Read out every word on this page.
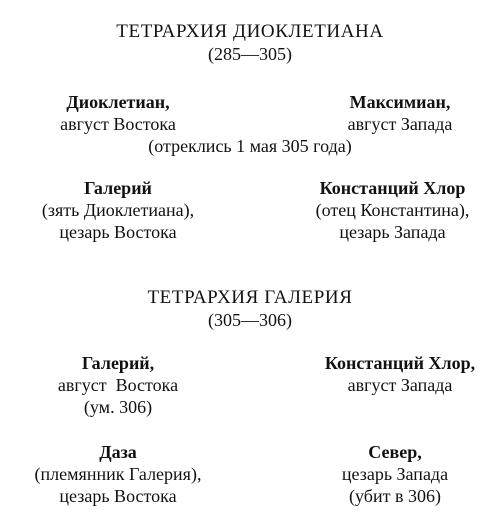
ТЕТРАРХИЯ ДИОКЛЕТИАНА
(285—305)
Диоклетиан,
август Востока
Максимиан,
август Запада
(отреклись 1 мая 305 года)
Галерий
(зять Диоклетиана),
цезарь Востока
Констанций Хлор
(отец Константина),
цезарь Запада
ТЕТРАРХИЯ ГАЛЕРИЯ
(305—306)
Галерий,
август  Востока
(ум. 306)
Констанций Хлор,
август Запада
Даза
(племянник Галерия),
цезарь Востока
Север,
цезарь Запада
(убит в 306)
